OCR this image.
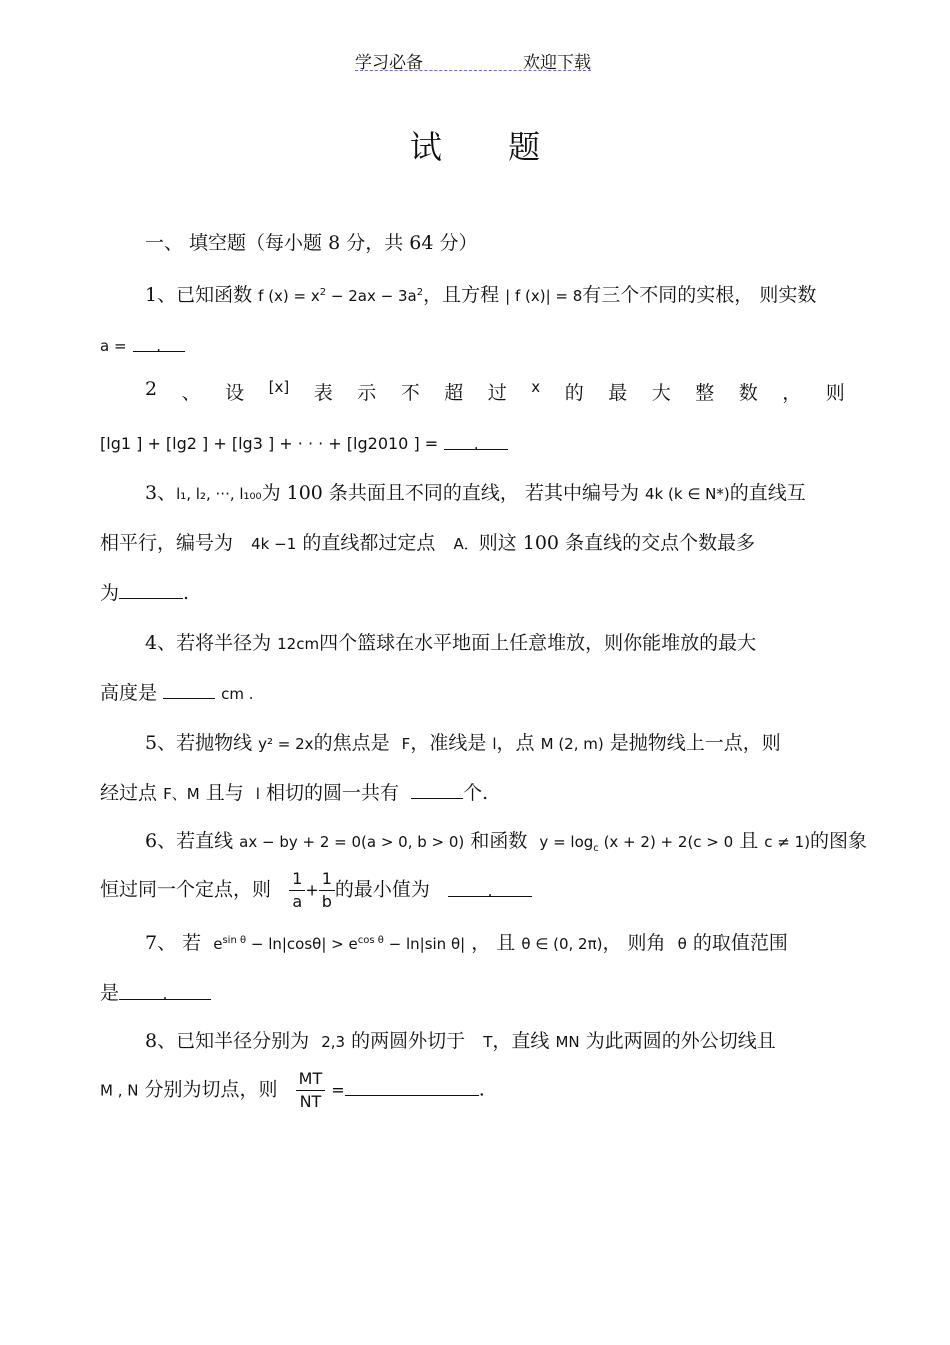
学习必备	欢迎下载
试 题
一、 填空题（每小题 8 分，共 64 分）
1、已知函数 f $(x) = x^2 - 2ax - 3a^2$，且方程 | f (x)| = 8有三个不同的实根， 则实数
a = .
2 、 设 [x] 表 示 不 超 过 x 的 最 大 整 数 ， 则
[lg1 ] + [lg2 ] + [lg3 ] + · · · + [lg2010 ] = .
3、l₁, l₂, ···, l₁₀₀为 100 条共面且不同的直线， 若其中编号为 4k (k ∈ N*)的直线互
相平行，编号为 4k −1 的直线都过定点 A．则这 100 条直线的交点个数最多
为	.
4、若将半径为 12cm四个篮球在水平地面上任意堆放，则你能堆放的最大
高度是	cm .
5、若抛物线 y² = 2x的焦点是 F，准线是 l，点 M (2, m) 是抛物线上一点，则
经过点 F、M 且与 l 相切的圆一共有	个.
6、若直线 ax − by + 2 = 0(a > 0, b > 0) 和函数 $y = \log_c (x + 2) + 2(c > 0$ 且 c ≠ 1)的图象
恒过同一个定点，则 $\frac{1}{a} + \frac{1}{b}$ 的最小值为	.
7、 若 $e^{sin \theta} - \ln|\cos\theta| > e^{cos \theta} - \ln|\sin$ θ| ， 且 θ ∈ (0, 2π)， 则角 θ 的取值范围
是	.
8、已知半径分别为 2,3 的两圆外切于 T，直线 MN 为此两圆的外公切线且
M , N 分别为切点，则 $\frac{MT}{NT}$ =	.
